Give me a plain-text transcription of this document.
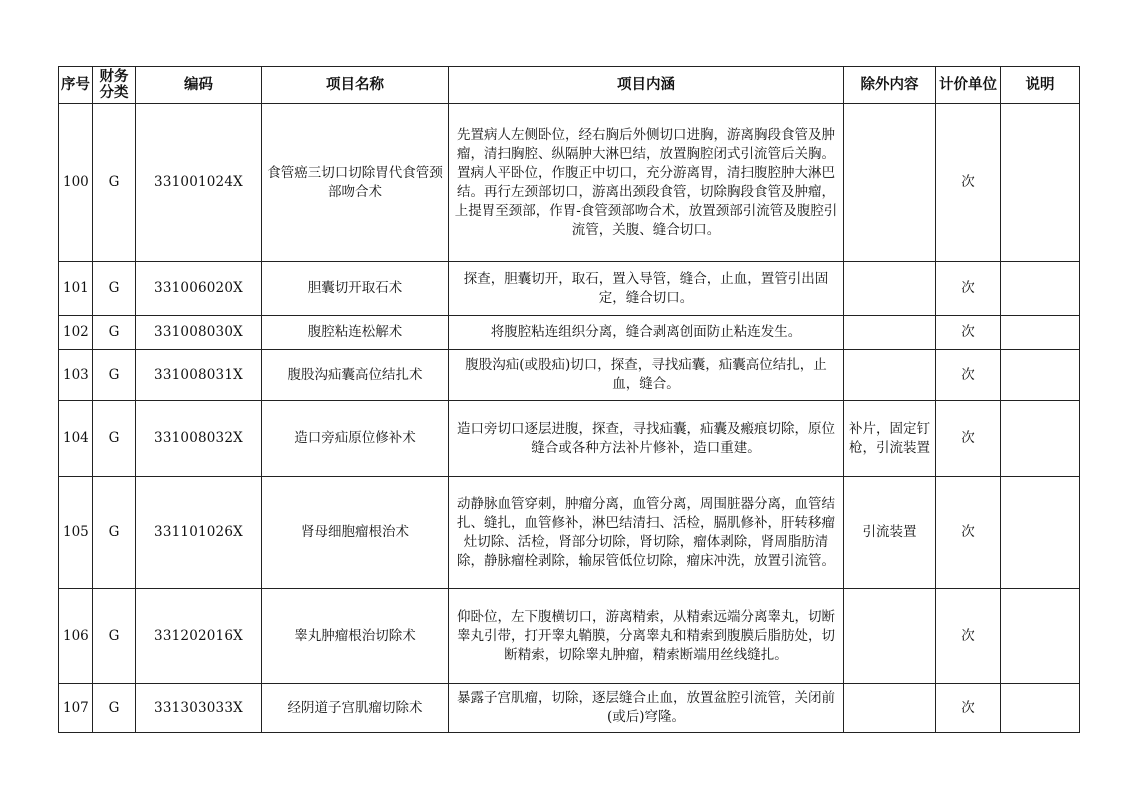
序号	财务分类	编码	项目名称	项目内涵	除外内容	计价单位	说明
100	G	331001024X	食管癌三切口切除胃代食管颈部吻合术	先置病人左侧卧位，经右胸后外侧切口进胸，游离胸段食管及肿瘤，清扫胸腔、纵隔肿大淋巴结，放置胸腔闭式引流管后关胸。置病人平卧位，作腹正中切口，充分游离胃，清扫腹腔肿大淋巴结。再行左颈部切口，游离出颈段食管，切除胸段食管及肿瘤，上提胃至颈部，作胃-食管颈部吻合术，放置颈部引流管及腹腔引流管，关腹、缝合切口。		次	
101	G	331006020X	胆囊切开取石术	探查，胆囊切开，取石，置入导管，缝合，止血，置管引出固定，缝合切口。		次	
102	G	331008030X	腹腔粘连松解术	将腹腔粘连组织分离，缝合剥离创面防止粘连发生。		次	
103	G	331008031X	腹股沟疝囊高位结扎术	腹股沟疝(或股疝)切口，探查，寻找疝囊，疝囊高位结扎，止血，缝合。		次	
104	G	331008032X	造口旁疝原位修补术	造口旁切口逐层进腹，探查，寻找疝囊，疝囊及瘢痕切除，原位缝合或各种方法补片修补，造口重建。	补片，固定钉枪，引流装置	次	
105	G	331101026X	肾母细胞瘤根治术	动静脉血管穿刺，肿瘤分离，血管分离，周围脏器分离，血管结扎、缝扎，血管修补，淋巴结清扫、活检，膈肌修补，肝转移瘤灶切除、活检，肾部分切除，肾切除，瘤体剥除，肾周脂肪清除，静脉瘤栓剥除，输尿管低位切除，瘤床冲洗，放置引流管。	引流装置	次	
106	G	331202016X	睾丸肿瘤根治切除术	仰卧位，左下腹横切口，游离精索，从精索远端分离睾丸，切断睾丸引带，打开睾丸鞘膜，分离睾丸和精索到腹膜后脂肪处，切断精索，切除睾丸肿瘤，精索断端用丝线缝扎。		次	
107	G	331303033X	经阴道子宫肌瘤切除术	暴露子宫肌瘤，切除，逐层缝合止血，放置盆腔引流管，关闭前(或后)穹隆。		次	
